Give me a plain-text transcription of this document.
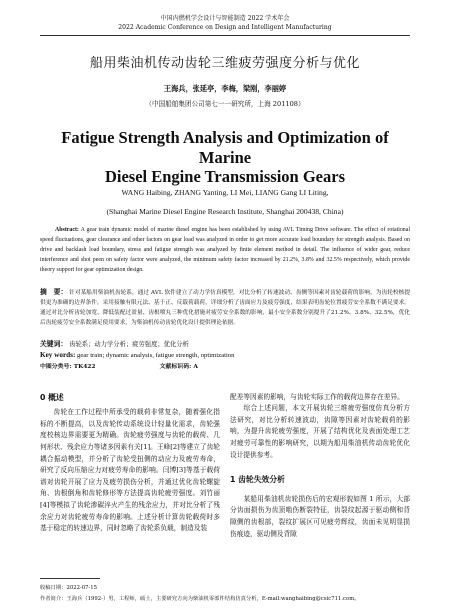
中国内燃机学会设计与智能制造 2022 学术年会
2022 Academic Conference on Design and Intelligent Manufacturing
船用柴油机传动齿轮三维疲劳强度分析与优化
王海兵，张延亭，李梅，梁刚，李丽婷
（中国船舶集团公司第七一一研究所，上海 201108）
Fatigue Strength Analysis and Optimization of Marine
Diesel Engine Transmission Gears
WANG Haibing, ZHANG Yanting, LI Mei, LIANG Gang LI Liting,
(Shanghai Marine Diesel Engine Research Institute, Shanghai 200438, China)
Abstract: A gear train dynamic model of marine diesel engine has been established by using AVL Timing Drive software. The effect of rotational speed fluctuations, gear clearance and other factors on gear load was analyzed in order to get more accurate load boundary for strength analysis. Based on drive and backlash load boundary, stress and fatigue strength was analyzed by finite element method in detail. The influence of wider gear, reduce interference and shot peen on safety factor were analyzed, the minimum safety factor increased by 21.2%, 3.8% and 32.5% respectively, which provide theory support for gear optimization design.
摘　要： 针对某船用柴油机齿轮系，通过 AVL 软件建立了动力学仿真模型，对比分析了转速波动、齿侧等因素对齿轮载荷的影响，为齿轮校核提供更为准确的边界条件。采用接触有限元法、基于正、反载荷载荷，详细分析了齿面应力及疲劳强度，结果表明齿轮位置疲劳安全系数不满足要求。通过对比分析齿轮加宽、降低装配过盈量、齿根喷丸三种优化措施对疲劳安全系数的影响，最小安全系数分别提升了21.2%、3.8%、32.5%，优化后齿轮疲劳安全系数满足使用要求，为柴油机传动齿轮优化设计提供理论依据。
关键词： 齿轮系；动力学分析；疲劳强度；优化分析
Key words: gear train; dynamic analysis, fatigue strength, optimization
中图分类号: TK422	文献标识码: A
0 概述

齿轮在工作过程中所承受的载荷非常复杂，随着强化指标的不断提高，以及齿轮传动系统设计轻量化需求，齿轮强度校核边界需要更为精确。齿轮疲劳强度与齿轮的载荷、几何形状、残余应力等诸多因素有关[1]。王峰[2]等建立了齿轮耦合振动模型，并分析了齿轮受扭侧的动应力及疲劳寿命，研究了反向压缩应力对疲劳寿命的影响。闫博[3]等基于载荷谱对齿轮开展了应力及疲劳损伤分析，并通过优化齿轮螺旋角、齿根倒角和齿轮修形等方法提高齿轮疲劳强度。刘竹丽[4]等模拟了齿轮渗碳淬火产生的残余应力，并对比分析了残余应力对齿轮疲劳寿命的影响。上述分析计算齿轮载荷时多基于稳定的转速边界，同时忽略了齿轮系负载，制造及装

配差等因素的影响，与齿轮实际工作的载荷边界存在差异。

综合上述问题，本文开展齿轮三维疲劳强度仿真分析方法研究，对比分析转速波动，齿隙等因素对齿轮载荷的影响，为提升齿轮疲劳强度，开展了结构优化及表面处理工艺对疲劳可靠性的影响研究，以期为船用柴油机传动齿轮优化设计提供参考。

1 齿轮失效分析

某船用柴油机齿轮损伤后的宏观形貌如图 1 所示，大部分齿面损伤为齿顶啮伤断裂特征，齿裂纹起源于驱动侧和背隙侧的齿根部，裂纹扩展区可见疲劳辉纹，齿面未见明显损伤痕迹，驱动侧及背隙

收稿日期：2022-07-15
作者简介：王海兵（1992-）男，工程师，硕士，主要研究方向为柴油机零部件结构仿真分析，E-mail:wanghaibing@csic711.com。
